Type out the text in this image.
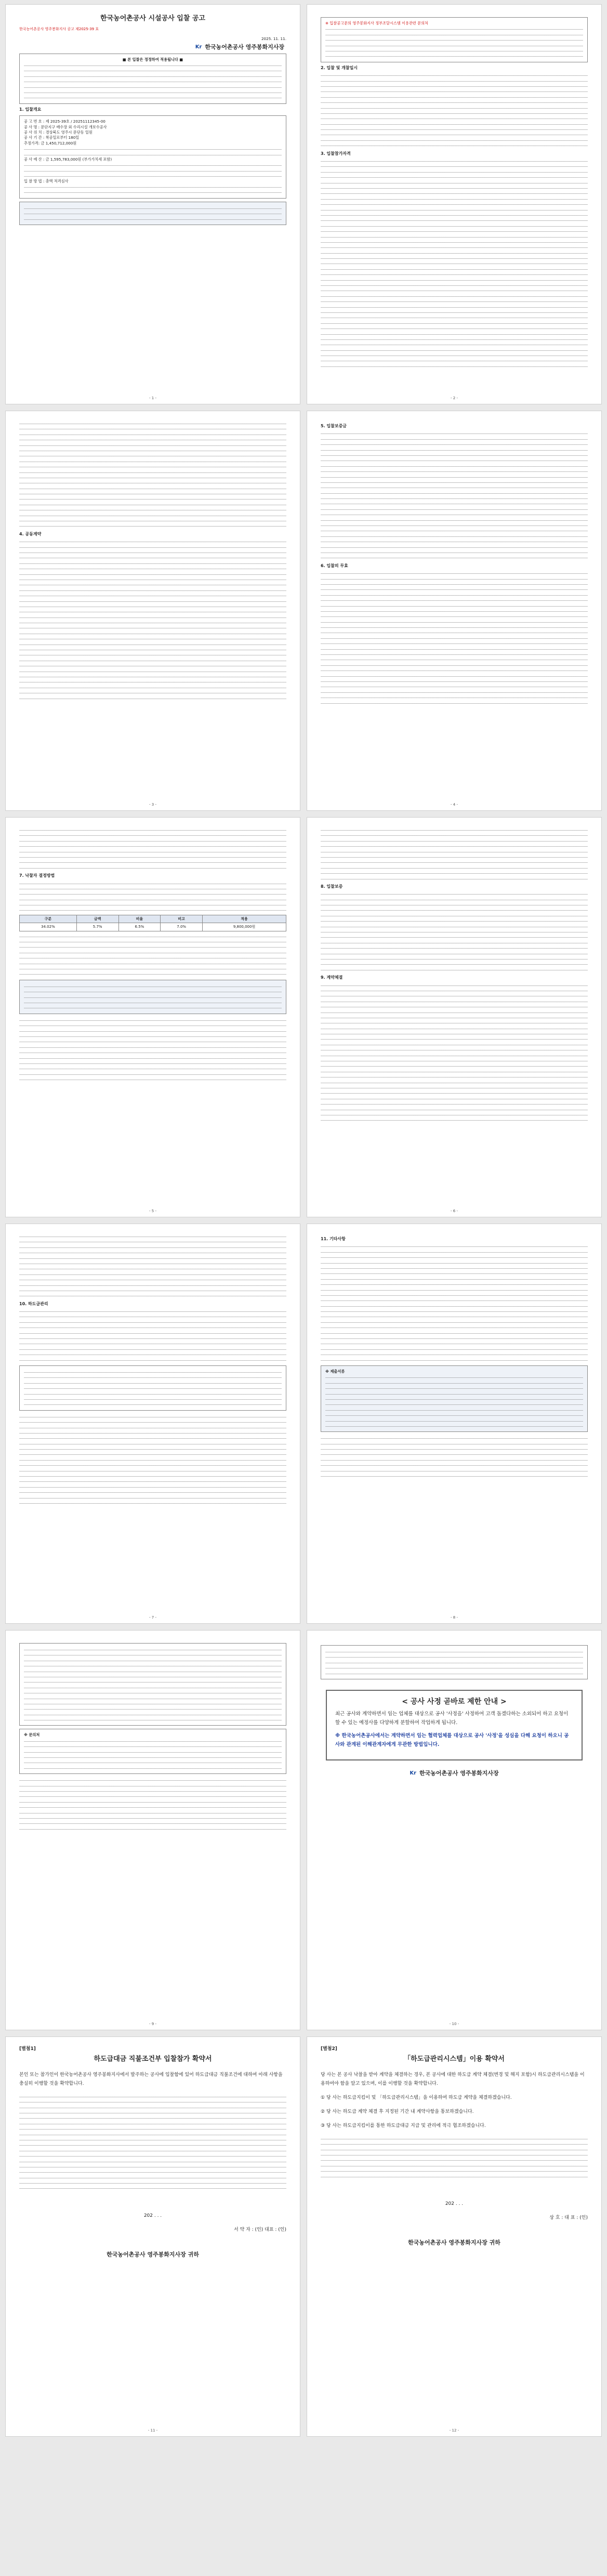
한국농어촌공사 시설공사 입찰 공고
한국농어촌공사 영주봉화지사 공고 제2025-39 호
2025. 11. 11.
Kr 한국농어촌공사 영주봉화지사장
■ 본 입찰은 정정하여 적용됩니다 ■
1. 입찰개요
공 고 번 호 : 제 2025-39호 / 20251112345-00
공 사 명 : 문단지구 배수장 외 수리시설 개보수공사
공 사 위 치 : 경상북도 영주시 문단동 일원
공 사 기 간 : 착공일로부터 180일
추정가격: 금 1,450,712,000원
공 사 예 산 : 금 1,595,783,000원 (부가가치세 포함)
입 찰 방 법 : 총액 적격심사
- 1 -
※ 입찰공고문의 영주봉화지사 정부조달시스템 이용관련 문의처
2. 입찰 및 개찰일시
3. 입찰참가자격
- 2 -
4. 공동계약
- 3 -
5. 입찰보증금
6. 입찰의 무효
- 4 -
7. 낙찰자 결정방법
구분	금액	비율	비고	적용
34.02%	5.7%	6.5%	7.0%	9,800,000원
- 5 -
8. 입찰보증
9. 계약체결
- 6 -
10. 하도급관리
- 7 -
11. 기타사항
※ 제출서류
- 8 -
※ 문의처
- 9 -
< 공사 사정 곧바로 제한 안내 >

최근 공사와 계약하면서 임는 업체를 대상으로 공사 '사정을' 사정하여 고객 돕겠다하는 소외되어 하고 요청이 할 수 있는 예정사를 다양하게 분할하여 작업하게 됩니다.

※ 한국농어촌공사에서는 계약하면서 임는 협력업체를 대상으로 공사 '사정'을 성심을 다해 요청이 하오니 공사와 관계된 이해관계자에게 무관한 방법입니다.

Kr 한국농어촌공사 영주봉화지사장
- 10 -
[별첨1]
하도급대금 직불조건부 입찰참가 확약서

본인 또는 참가인이 한국농어촌공사 영주봉화지사에서 발주하는 공사에 입찰함에 있어 하도급대금 직불조건에 대하여 아래 사항을 충실히 이행할 것을 확약합니다.

202 . . .

서 약 자 : (인) 대표 : (인)

한국농어촌공사 영주봉화지사장 귀하

- 11 -
[별첨2]
「하도급관리시스템」이용 확약서

당 사는 본 공사 낙찰을 받아 계약을 체결하는 경우, 본 공사에 대한 하도급 계약 체결(변경 및 해지 포함)시 하도급관리시스템을 이용하여야 함을 알고 있으며, 이를 이행할 것을 확약합니다.

① 당 사는 하도급지킴이 및 「하도급관리시스템」을 이용하여 하도급 계약을 체결하겠습니다.

② 당 사는 하도급 계약 체결 후 지정된 기간 내 계약사항을 통보하겠습니다.

③ 당 사는 하도급지킴이를 통한 하도급대금 지급 및 관리에 적극 협조하겠습니다.

202 . . .

상 호 : 대 표 : (인)

한국농어촌공사 영주봉화지사장 귀하

- 12 -
